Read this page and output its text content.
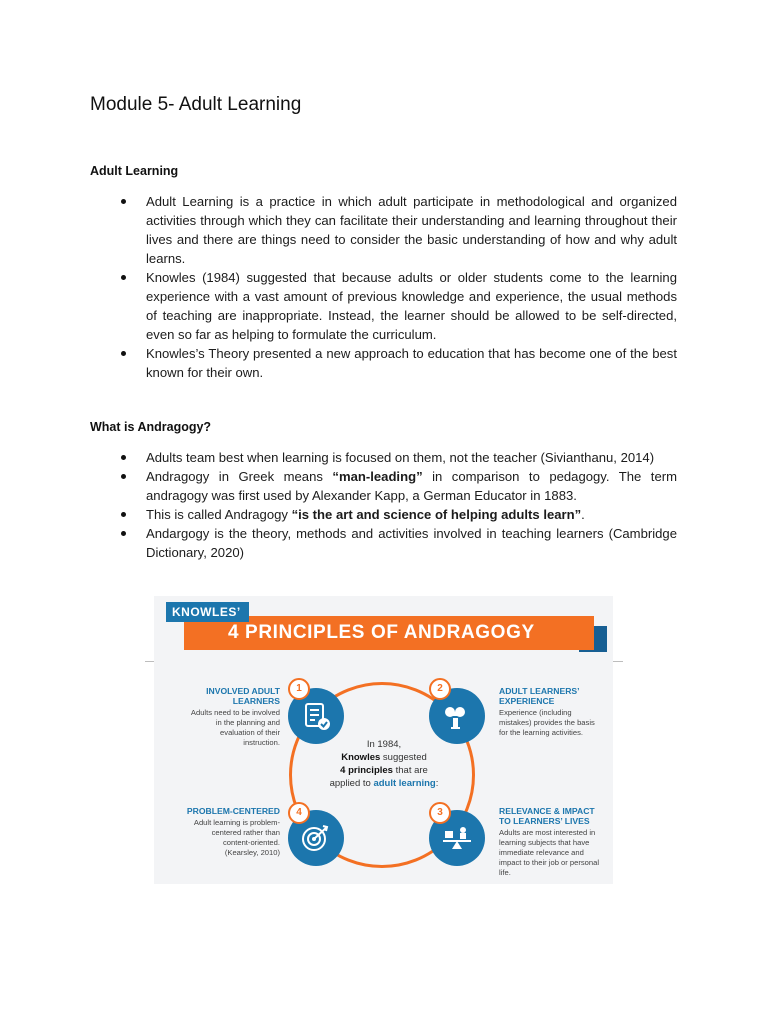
Module 5- Adult Learning
Adult Learning
Adult Learning is a practice in which adult participate in methodological and organized activities through which they can facilitate their understanding and learning throughout their lives and there are things need to consider the basic understanding of how and why adult learns.
Knowles (1984) suggested that because adults or older students come to the learning experience with a vast amount of previous knowledge and experience, the usual methods of teaching are inappropriate. Instead, the learner should be allowed to be self-directed, even so far as helping to formulate the curriculum.
Knowles’s Theory presented a new approach to education that has become one of the best known for their own.
What is Andragogy?
Adults team best when learning is focused on them, not the teacher (Sivianthanu, 2014)
Andragogy in Greek means “man-leading” in comparison to pedagogy. The term andragogy was first used by Alexander Kapp, a German Educator in 1883.
This is called Andragogy “is the art and science of helping adults learn”.
Andargogy is the theory, methods and activities involved in teaching learners (Cambridge Dictionary, 2020)
4 PRINCIPLES OF ANDRAGOGY
KNOWLES’
In 1984,
Knowles suggested
4 principles that are
applied to adult learning:
1
INVOLVED ADULT LEARNERS
Adults need to be involved in the planning and evaluation of their instruction.
2	ADULT LEARNERS’ EXPERIENCE
Experience (including mistakes) provides the basis for the learning activities.
4
PROBLEM-CENTERED
Adult learning is problem-centered rather than content-oriented. (Kearsley, 2010)
3	RELEVANCE & IMPACT TO LEARNERS’ LIVES
Adults are most interested in learning subjects that have immediate relevance and impact to their job or personal life.
